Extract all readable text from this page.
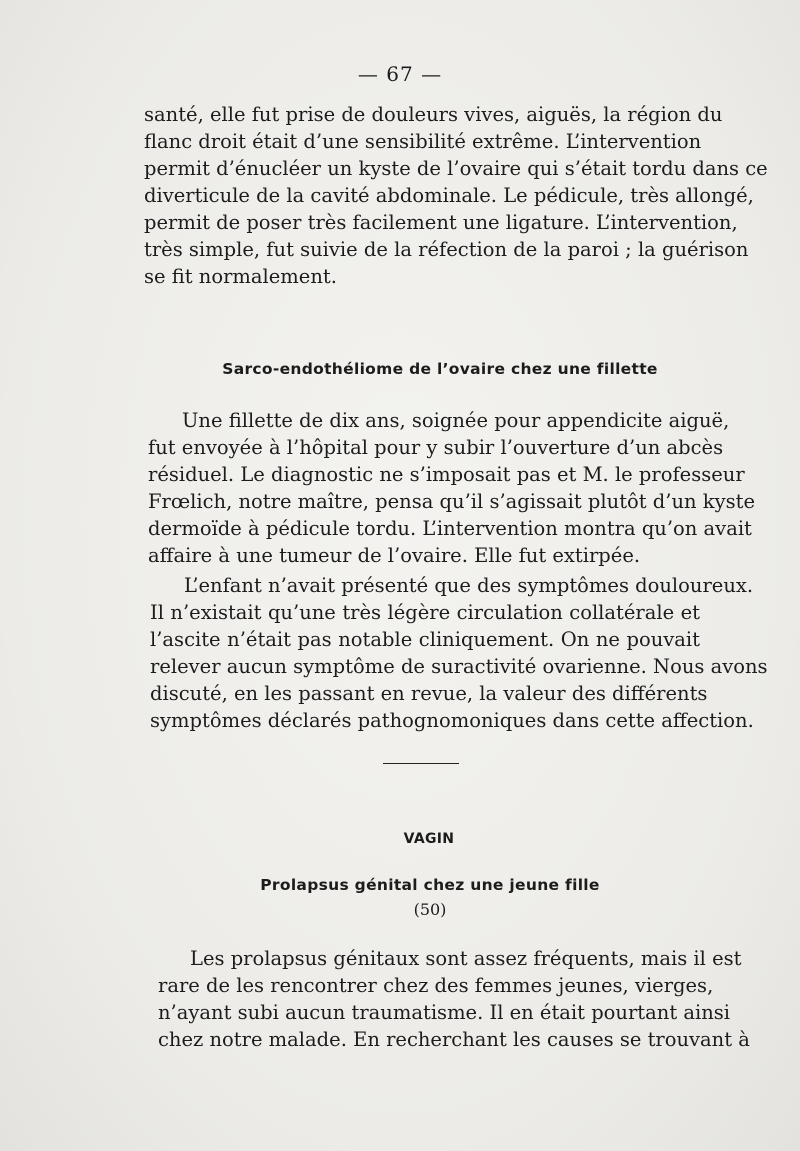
— 67 —
santé, elle fut prise de douleurs vives, aiguës, la région du
flanc droit était d’une sensibilité extrême. L’intervention
permit d’énucléer un kyste de l’ovaire qui s’était tordu dans ce
diverticule de la cavité abdominale. Le pédicule, très allongé,
permit de poser très facilement une ligature. L’intervention,
très simple, fut suivie de la réfection de la paroi ; la guérison
se fit normalement.
Sarco-endothéliome de l’ovaire chez une fillette
Une fillette de dix ans, soignée pour appendicite aiguë,
fut envoyée à l’hôpital pour y subir l’ouverture d’un abcès
résiduel. Le diagnostic ne s’imposait pas et M. le professeur
Frœlich, notre maître, pensa qu’il s’agissait plutôt d’un kyste
dermoïde à pédicule tordu. L’intervention montra qu’on avait
affaire à une tumeur de l’ovaire. Elle fut extirpée.
L’enfant n’avait présenté que des symptômes douloureux.
Il n’existait qu’une très légère circulation collatérale et
l’ascite n’était pas notable cliniquement. On ne pouvait
relever aucun symptôme de suractivité ovarienne. Nous avons
discuté, en les passant en revue, la valeur des différents
symptômes déclarés pathognomoniques dans cette affection.
VAGIN
Prolapsus génital chez une jeune fille
(50)
Les prolapsus génitaux sont assez fréquents, mais il est
rare de les rencontrer chez des femmes jeunes, vierges,
n’ayant subi aucun traumatisme. Il en était pourtant ainsi
chez notre malade. En recherchant les causes se trouvant à
